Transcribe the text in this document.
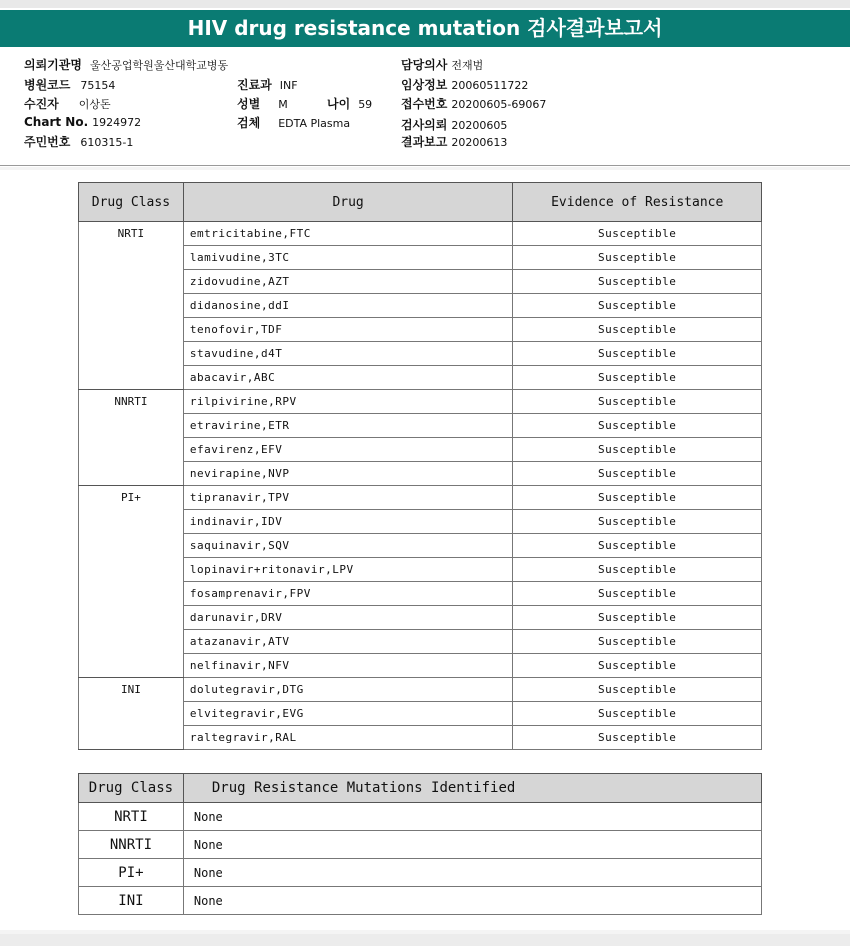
HIV drug resistance mutation 검사결과보고서
의뢰기관명 울산공업학원울산대학교병동
병원코드 75154
수진자 이상돈
Chart No. 1924972
주민번호 610315-1
진료과 INF
성별 M	나이 59
검체 EDTA Plasma
담당의사 전재범
임상정보 20060511722
접수번호 20200605-69067
검사의뢰 20200605
결과보고 20200613
Drug Class	Drug	Evidence of Resistance
NRTI	emtricitabine,FTC	Susceptible
	lamivudine,3TC	Susceptible
	zidovudine,AZT	Susceptible
	didanosine,ddI	Susceptible
	tenofovir,TDF	Susceptible
	stavudine,d4T	Susceptible
	abacavir,ABC	Susceptible
NNRTI	rilpivirine,RPV	Susceptible
	etravirine,ETR	Susceptible
	efavirenz,EFV	Susceptible
	nevirapine,NVP	Susceptible
PI+	tipranavir,TPV	Susceptible
	indinavir,IDV	Susceptible
	saquinavir,SQV	Susceptible
	lopinavir+ritonavir,LPV	Susceptible
	fosamprenavir,FPV	Susceptible
	darunavir,DRV	Susceptible
	atazanavir,ATV	Susceptible
	nelfinavir,NFV	Susceptible
INI	dolutegravir,DTG	Susceptible
	elvitegravir,EVG	Susceptible
	raltegravir,RAL	Susceptible
Drug Class	Drug Resistance Mutations Identified
NRTI	None
NNRTI	None
PI+	None
INI	None
